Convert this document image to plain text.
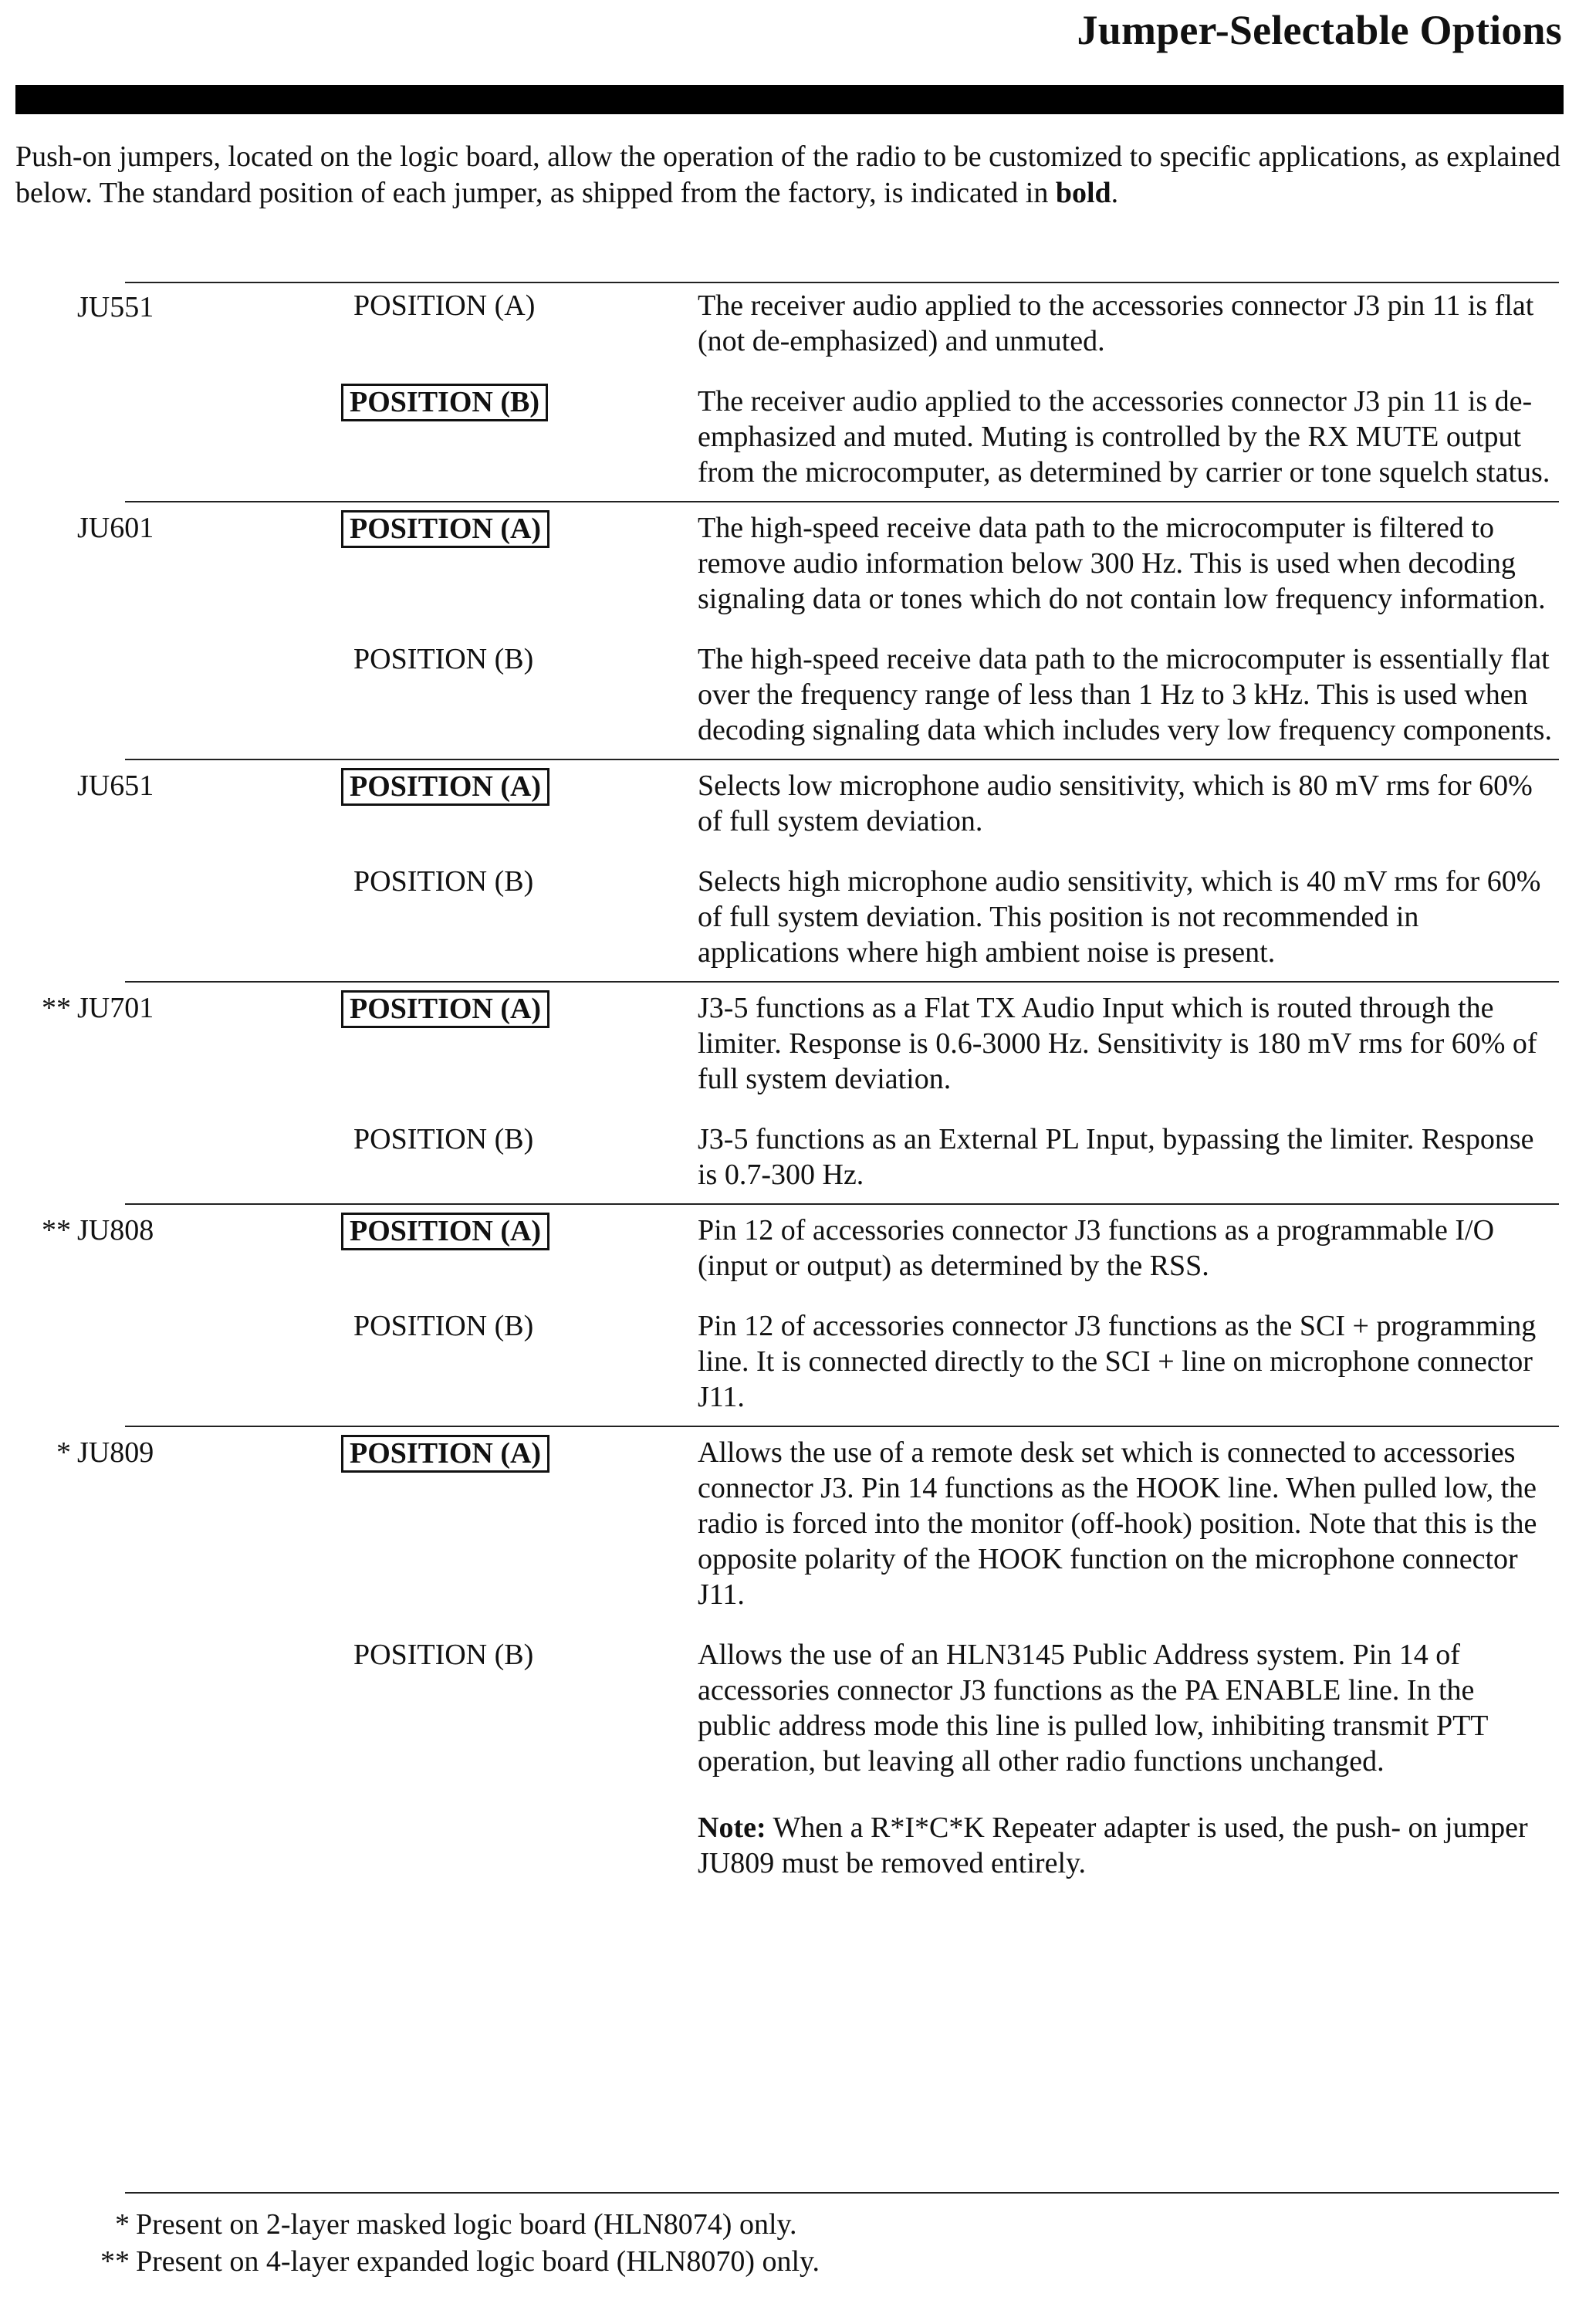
Jumper-Selectable Options

Push-on jumpers, located on the logic board, allow the operation of the radio to be customized to specific applications, as explained below. The standard position of each jumper, as shipped from the factory, is indicated in bold.

JU551	POSITION (A)	The receiver audio applied to the accessories connector J3 pin 11 is flat (not de-emphasized) and unmuted.
POSITION (B)	The receiver audio applied to the accessories connector J3 pin 11 is de-emphasized and muted. Muting is controlled by the RX MUTE output from the microcomputer, as determined by carrier or tone squelch status.
JU601	POSITION (A)	The high-speed receive data path to the microcomputer is filtered to remove audio information below 300 Hz. This is used when decoding signaling data or tones which do not contain low frequency information.
POSITION (B)	The high-speed receive data path to the microcomputer is essentially flat over the frequency range of less than 1 Hz to 3 kHz. This is used when decoding signaling data which includes very low frequency components.
JU651	POSITION (A)	Selects low microphone audio sensitivity, which is 80 mV rms for 60% of full system deviation.
POSITION (B)	Selects high microphone audio sensitivity, which is 40 mV rms for 60% of full system deviation. This position is not recommended in applications where high ambient noise is present.
** JU701	POSITION (A)	J3-5 functions as a Flat TX Audio Input which is routed through the limiter. Response is 0.6-3000 Hz. Sensitivity is 180 mV rms for 60% of full system deviation.
POSITION (B)	J3-5 functions as an External PL Input, bypassing the limiter. Response is 0.7-300 Hz.
** JU808	POSITION (A)	Pin 12 of accessories connector J3 functions as a programmable I/O (input or output) as determined by the RSS.
POSITION (B)	Pin 12 of accessories connector J3 functions as the SCI + programming line. It is connected directly to the SCI + line on microphone connector J11.
* JU809	POSITION (A)	Allows the use of a remote desk set which is connected to accessories connector J3. Pin 14 functions as the HOOK line. When pulled low, the radio is forced into the monitor (off-hook) position. Note that this is the opposite polarity of the HOOK function on the microphone connector J11.
POSITION (B)	Allows the use of an HLN3145 Public Address system. Pin 14 of accessories connector J3 functions as the PA ENABLE line. In the public address mode this line is pulled low, inhibiting transmit PTT operation, but leaving all other radio functions unchanged.
Note: When a R*I*C*K Repeater adapter is used, the push- on jumper JU809 must be removed entirely.
* Present on 2-layer masked logic board (HLN8074) only.
** Present on 4-layer expanded logic board (HLN8070) only.
